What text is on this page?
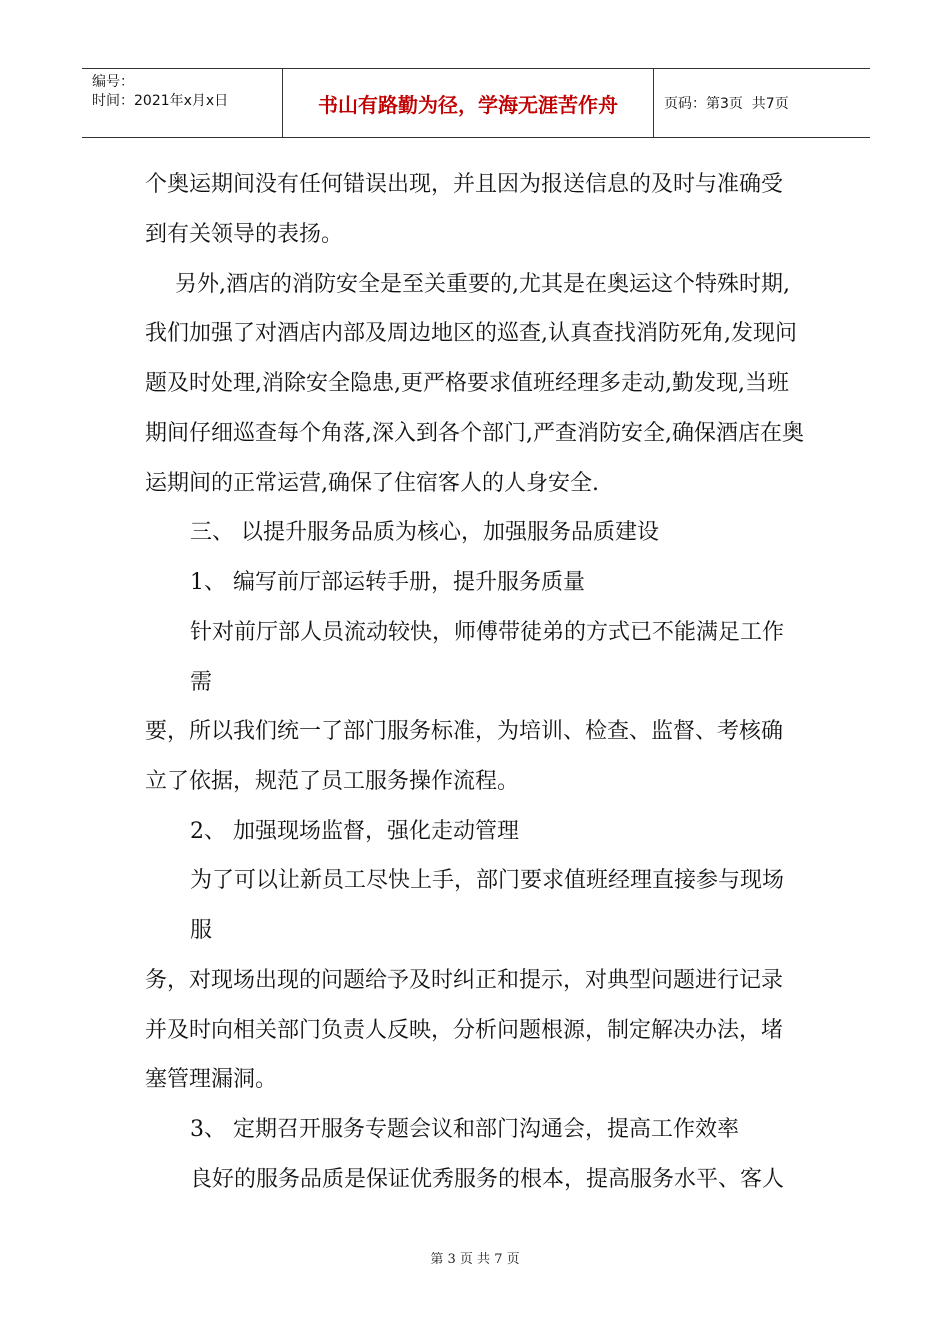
编号：
时间：2021年x月x日	书山有路勤为径，学海无涯苦作舟	页码：第3页  共7页
个奥运期间没有任何错误出现，并且因为报送信息的及时与准确受
到有关领导的表扬。
另外,酒店的消防安全是至关重要的,尤其是在奥运这个特殊时期,
我们加强了对酒店内部及周边地区的巡查,认真查找消防死角,发现问
题及时处理,消除安全隐患,更严格要求值班经理多走动,勤发现,当班
期间仔细巡查每个角落,深入到各个部门,严查消防安全,确保酒店在奥
运期间的正常运营,确保了住宿客人的人身安全.
三、 以提升服务品质为核心，加强服务品质建设
1、 编写前厅部运转手册，提升服务质量
针对前厅部人员流动较快，师傅带徒弟的方式已不能满足工作
需
要，所以我们统一了部门服务标准，为培训、检查、监督、考核确
立了依据，规范了员工服务操作流程。
2、 加强现场监督，强化走动管理
为了可以让新员工尽快上手，部门要求值班经理直接参与现场
服
务，对现场出现的问题给予及时纠正和提示，对典型问题进行记录
并及时向相关部门负责人反映，分析问题根源，制定解决办法，堵
塞管理漏洞。
3、 定期召开服务专题会议和部门沟通会，提高工作效率
良好的服务品质是保证优秀服务的根本，提高服务水平、客人
第 3 页 共 7 页
